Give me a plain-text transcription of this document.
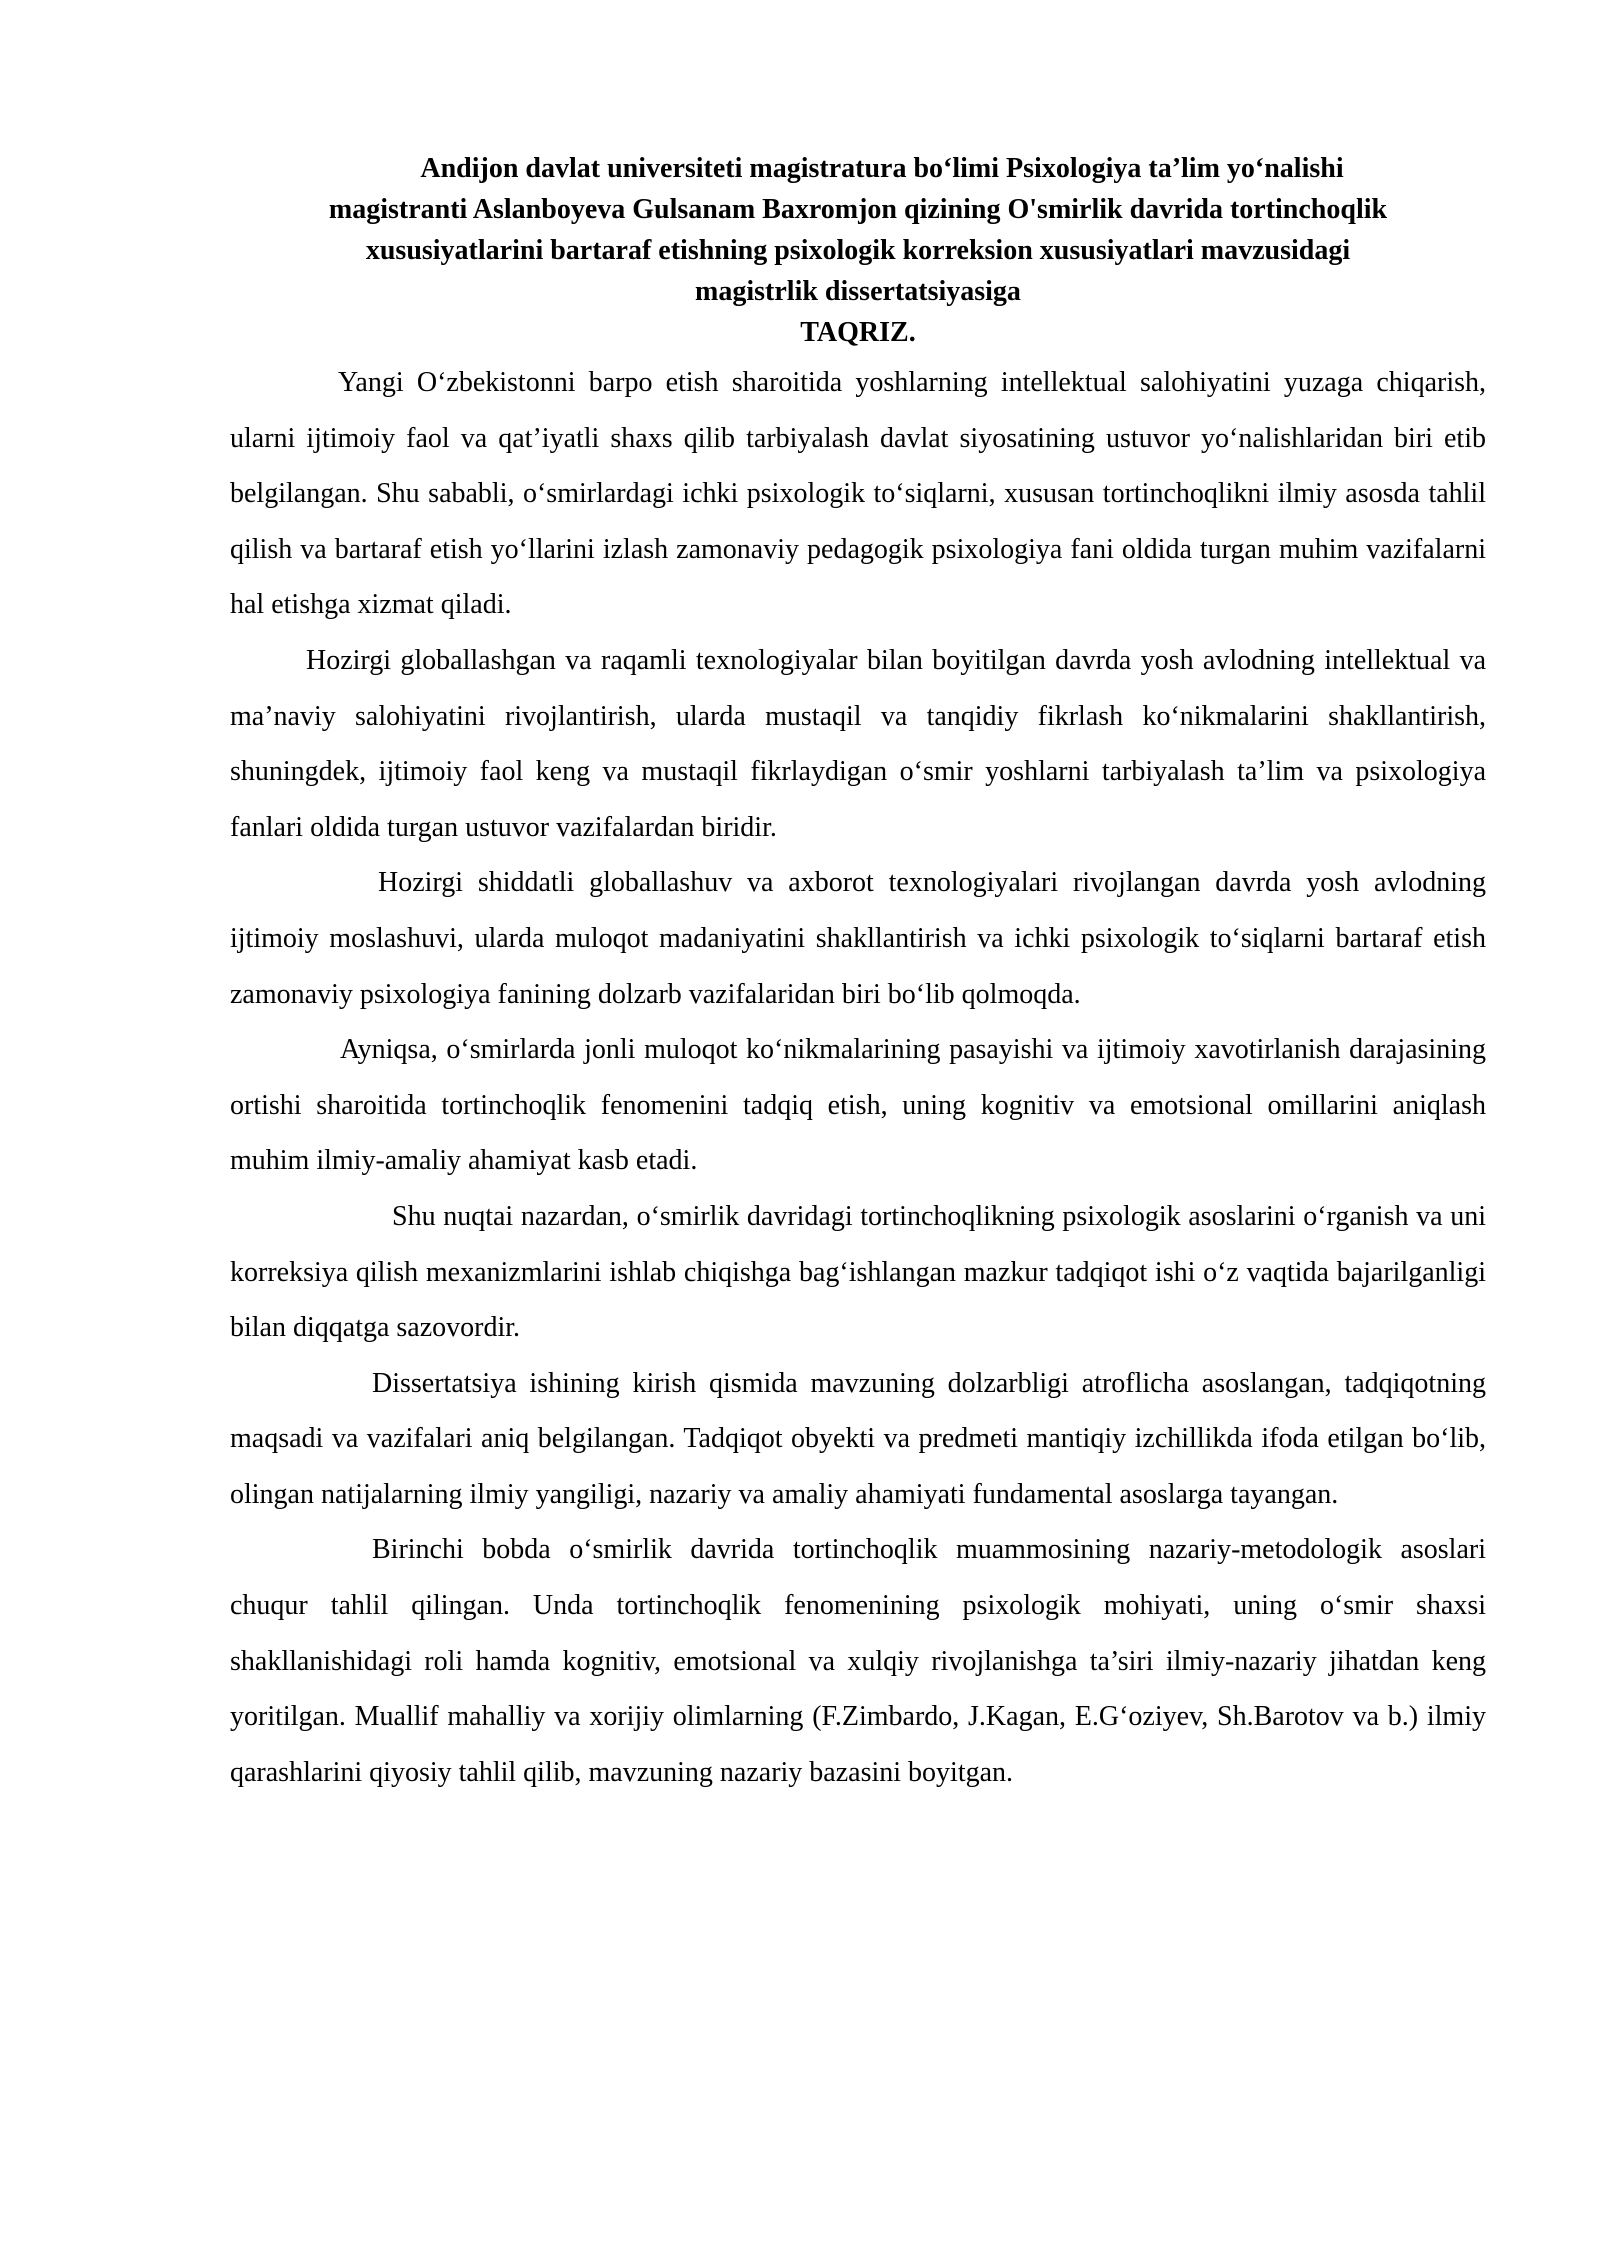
Andijon davlat universiteti magistratura bo‘limi Psixologiya ta’lim yo‘nalishi
magistranti Aslanboyeva Gulsanam Baxromjon qizining O'smirlik davrida tortinchoqlik
xususiyatlarini bartaraf etishning psixologik korreksion xususiyatlari mavzusidagi
magistrlik dissertatsiyasiga

TAQRIZ.

Yangi O‘zbekistonni barpo etish sharoitida yoshlarning intellektual salohiyatini yuzaga chiqarish, ularni ijtimoiy faol va qat’iyatli shaxs qilib tarbiyalash davlat siyosatining ustuvor yo‘nalishlaridan biri etib belgilangan. Shu sababli, o‘smirlardagi ichki psixologik to‘siqlarni, xususan tortinchoqlikni ilmiy asosda tahlil qilish va bartaraf etish yo‘llarini izlash zamonaviy pedagogik psixologiya fani oldida turgan muhim vazifalarni hal etishga xizmat qiladi.

Hozirgi globallashgan va raqamli texnologiyalar bilan boyitilgan davrda yosh avlodning intellektual va ma’naviy salohiyatini rivojlantirish, ularda mustaqil va tanqidiy fikrlash ko‘nikmalarini shakllantirish, shuningdek, ijtimoiy faol keng va mustaqil fikrlaydigan o‘smir yoshlarni tarbiyalash ta’lim va psixologiya fanlari oldida turgan ustuvor vazifalardan biridir.

Hozirgi shiddatli globallashuv va axborot texnologiyalari rivojlangan davrda yosh avlodning ijtimoiy moslashuvi, ularda muloqot madaniyatini shakllantirish va ichki psixologik to‘siqlarni bartaraf etish zamonaviy psixologiya fanining dolzarb vazifalaridan biri bo‘lib qolmoqda.

Ayniqsa, o‘smirlarda jonli muloqot ko‘nikmalarining pasayishi va ijtimoiy xavotirlanish darajasining ortishi sharoitida tortinchoqlik fenomenini tadqiq etish, uning kognitiv va emotsional omillarini aniqlash muhim ilmiy-amaliy ahamiyat kasb etadi.

Shu nuqtai nazardan, o‘smirlik davridagi tortinchoqlikning psixologik asoslarini o‘rganish va uni korreksiya qilish mexanizmlarini ishlab chiqishga bag‘ishlangan mazkur tadqiqot ishi o‘z vaqtida bajarilganligi bilan diqqatga sazovordir.

Dissertatsiya ishining kirish qismida mavzuning dolzarbligi atroflicha asoslangan, tadqiqotning maqsadi va vazifalari aniq belgilangan. Tadqiqot obyekti va predmeti mantiqiy izchillikda ifoda etilgan bo‘lib, olingan natijalarning ilmiy yangiligi, nazariy va amaliy ahamiyati fundamental asoslarga tayangan.

Birinchi bobda o‘smirlik davrida tortinchoqlik muammosining nazariy-metodologik asoslari chuqur tahlil qilingan. Unda tortinchoqlik fenomenining psixologik mohiyati, uning o‘smir shaxsi shakllanishidagi roli hamda kognitiv, emotsional va xulqiy rivojlanishga ta’siri ilmiy-nazariy jihatdan keng yoritilgan. Muallif mahalliy va xorijiy olimlarning (F.Zimbardo, J.Kagan, E.G‘oziyev, Sh.Barotov va b.) ilmiy qarashlarini qiyosiy tahlil qilib, mavzuning nazariy bazasini boyitgan.
